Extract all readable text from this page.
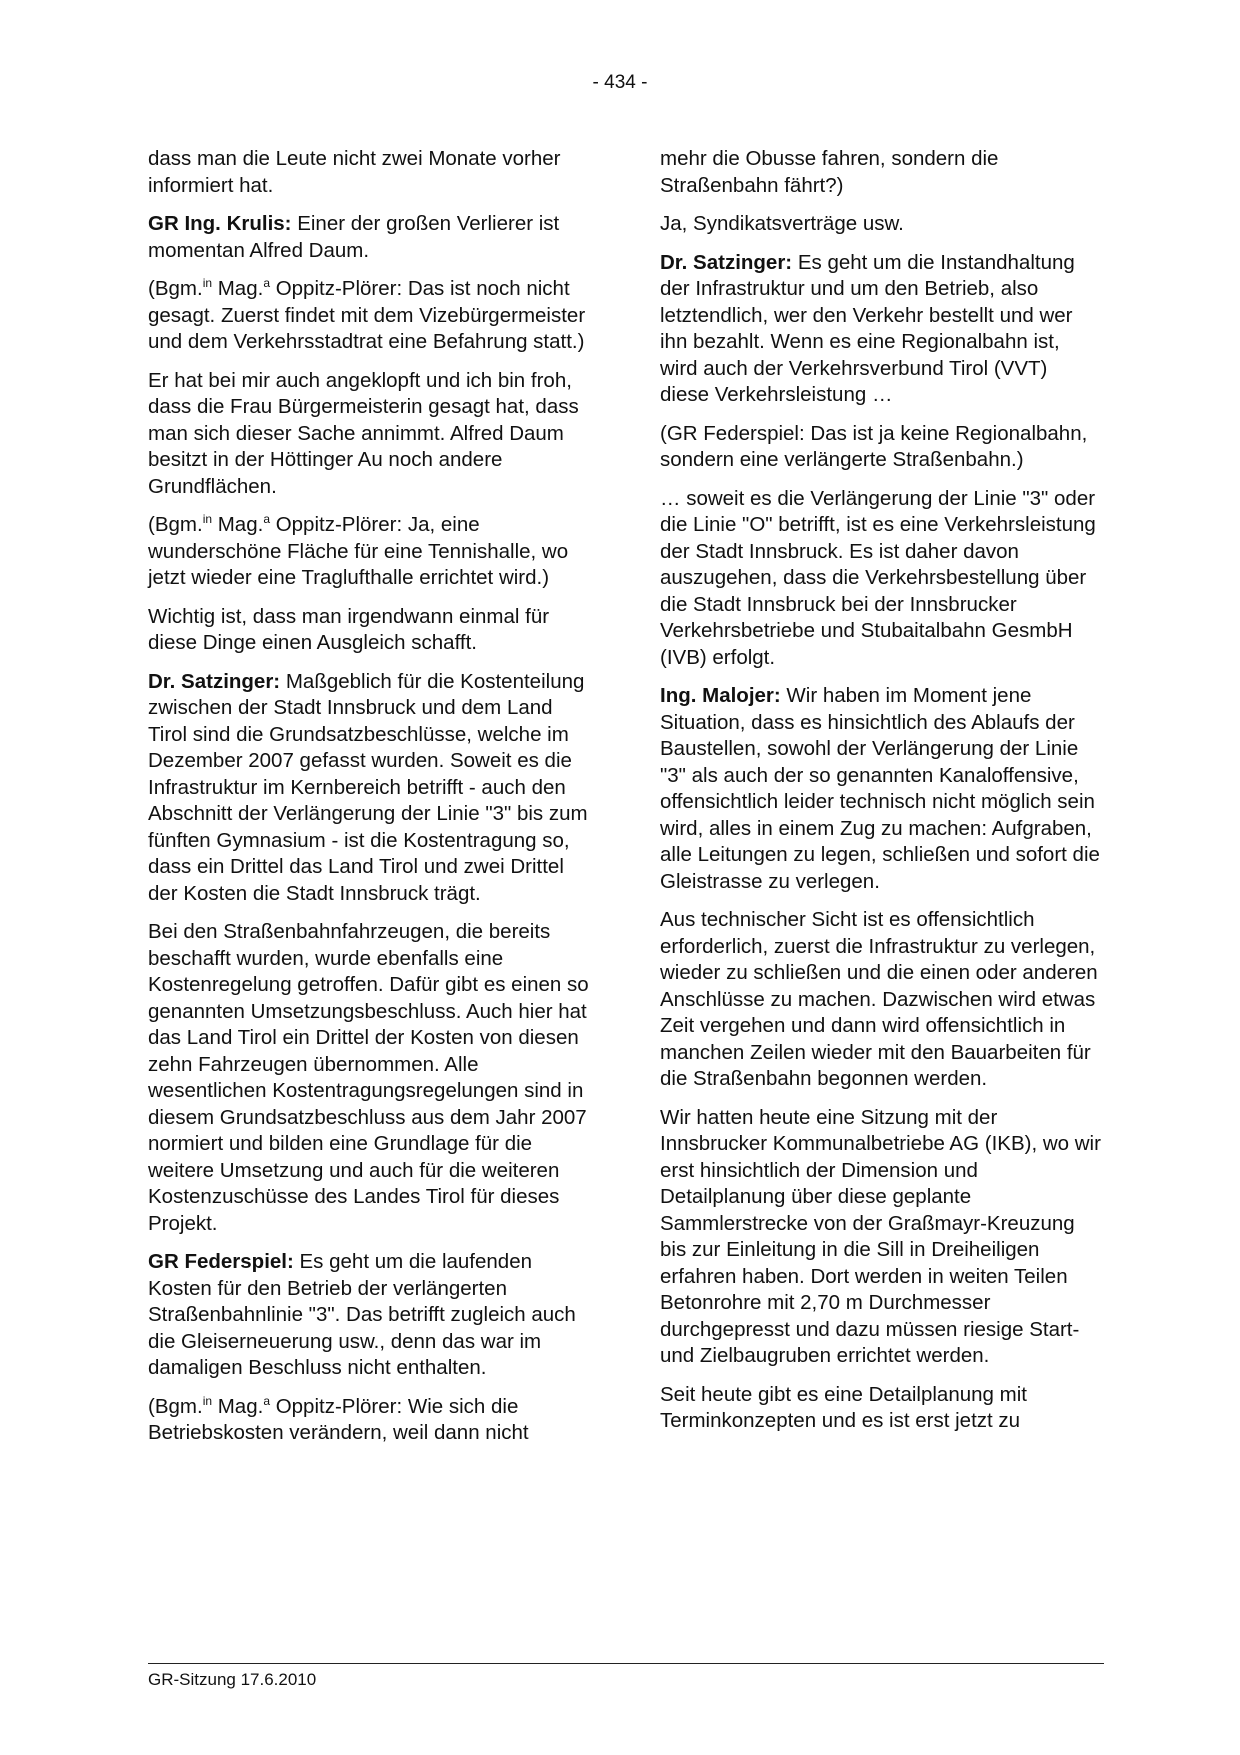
- 434 -

dass man die Leute nicht zwei Monate vorher informiert hat.

GR Ing. Krulis: Einer der großen Verlierer ist momentan Alfred Daum.

(Bgm.$^{in}$ Mag.$^a$ Oppitz-Plörer: Das ist noch nicht gesagt. Zuerst findet mit dem Vizebürgermeister und dem Verkehrsstadtrat eine Befahrung statt.)

Er hat bei mir auch angeklopft und ich bin froh, dass die Frau Bürgermeisterin gesagt hat, dass man sich dieser Sache annimmt. Alfred Daum besitzt in der Höttinger Au noch andere Grundflächen.

(Bgm.$^{in}$ Mag.$^a$ Oppitz-Plörer: Ja, eine wunderschöne Fläche für eine Tennishalle, wo jetzt wieder eine Traglufthalle errichtet wird.)

Wichtig ist, dass man irgendwann einmal für diese Dinge einen Ausgleich schafft.

Dr. Satzinger: Maßgeblich für die Kostenteilung zwischen der Stadt Innsbruck und dem Land Tirol sind die Grundsatzbeschlüsse, welche im Dezember 2007 gefasst wurden. Soweit es die Infrastruktur im Kernbereich betrifft - auch den Abschnitt der Verlängerung der Linie "3" bis zum fünften Gymnasium - ist die Kostentragung so, dass ein Drittel das Land Tirol und zwei Drittel der Kosten die Stadt Innsbruck trägt.

Bei den Straßenbahnfahrzeugen, die bereits beschafft wurden, wurde ebenfalls eine Kostenregelung getroffen. Dafür gibt es einen so genannten Umsetzungsbeschluss. Auch hier hat das Land Tirol ein Drittel der Kosten von diesen zehn Fahrzeugen übernommen. Alle wesentlichen Kostentragungsregelungen sind in diesem Grundsatzbeschluss aus dem Jahr 2007 normiert und bilden eine Grundlage für die weitere Umsetzung und auch für die weiteren Kostenzuschüsse des Landes Tirol für dieses Projekt.

GR Federspiel: Es geht um die laufenden Kosten für den Betrieb der verlängerten Straßenbahnlinie "3". Das betrifft zugleich auch die Gleiserneuerung usw., denn das war im damaligen Beschluss nicht enthalten.

(Bgm.$^{in}$ Mag.$^a$ Oppitz-Plörer: Wie sich die Betriebskosten verändern, weil dann nicht

mehr die Obusse fahren, sondern die Straßenbahn fährt?)

Ja, Syndikatsverträge usw.

Dr. Satzinger: Es geht um die Instandhaltung der Infrastruktur und um den Betrieb, also letztendlich, wer den Verkehr bestellt und wer ihn bezahlt. Wenn es eine Regionalbahn ist, wird auch der Verkehrsverbund Tirol (VVT) diese Verkehrsleistung …

(GR Federspiel: Das ist ja keine Regionalbahn, sondern eine verlängerte Straßenbahn.)

… soweit es die Verlängerung der Linie "3" oder die Linie "O" betrifft, ist es eine Verkehrsleistung der Stadt Innsbruck. Es ist daher davon auszugehen, dass die Verkehrsbestellung über die Stadt Innsbruck bei der Innsbrucker Verkehrsbetriebe und Stubaitalbahn GesmbH (IVB) erfolgt.

Ing. Malojer: Wir haben im Moment jene Situation, dass es hinsichtlich des Ablaufs der Baustellen, sowohl der Verlängerung der Linie "3" als auch der so genannten Kanaloffensive, offensichtlich leider technisch nicht möglich sein wird, alles in einem Zug zu machen: Aufgraben, alle Leitungen zu legen, schließen und sofort die Gleistrasse zu verlegen.

Aus technischer Sicht ist es offensichtlich erforderlich, zuerst die Infrastruktur zu verlegen, wieder zu schließen und die einen oder anderen Anschlüsse zu machen. Dazwischen wird etwas Zeit vergehen und dann wird offensichtlich in manchen Zeilen wieder mit den Bauarbeiten für die Straßenbahn begonnen werden.

Wir hatten heute eine Sitzung mit der Innsbrucker Kommunalbetriebe AG (IKB), wo wir erst hinsichtlich der Dimension und Detailplanung über diese geplante Sammlerstrecke von der Graßmayr-Kreuzung bis zur Einleitung in die Sill in Dreiheiligen erfahren haben. Dort werden in weiten Teilen Betonrohre mit 2,70 m Durchmesser durchgepresst und dazu müssen riesige Start- und Zielbaugruben errichtet werden.

Seit heute gibt es eine Detailplanung mit Terminkonzepten und es ist erst jetzt zu

GR-Sitzung 17.6.2010
